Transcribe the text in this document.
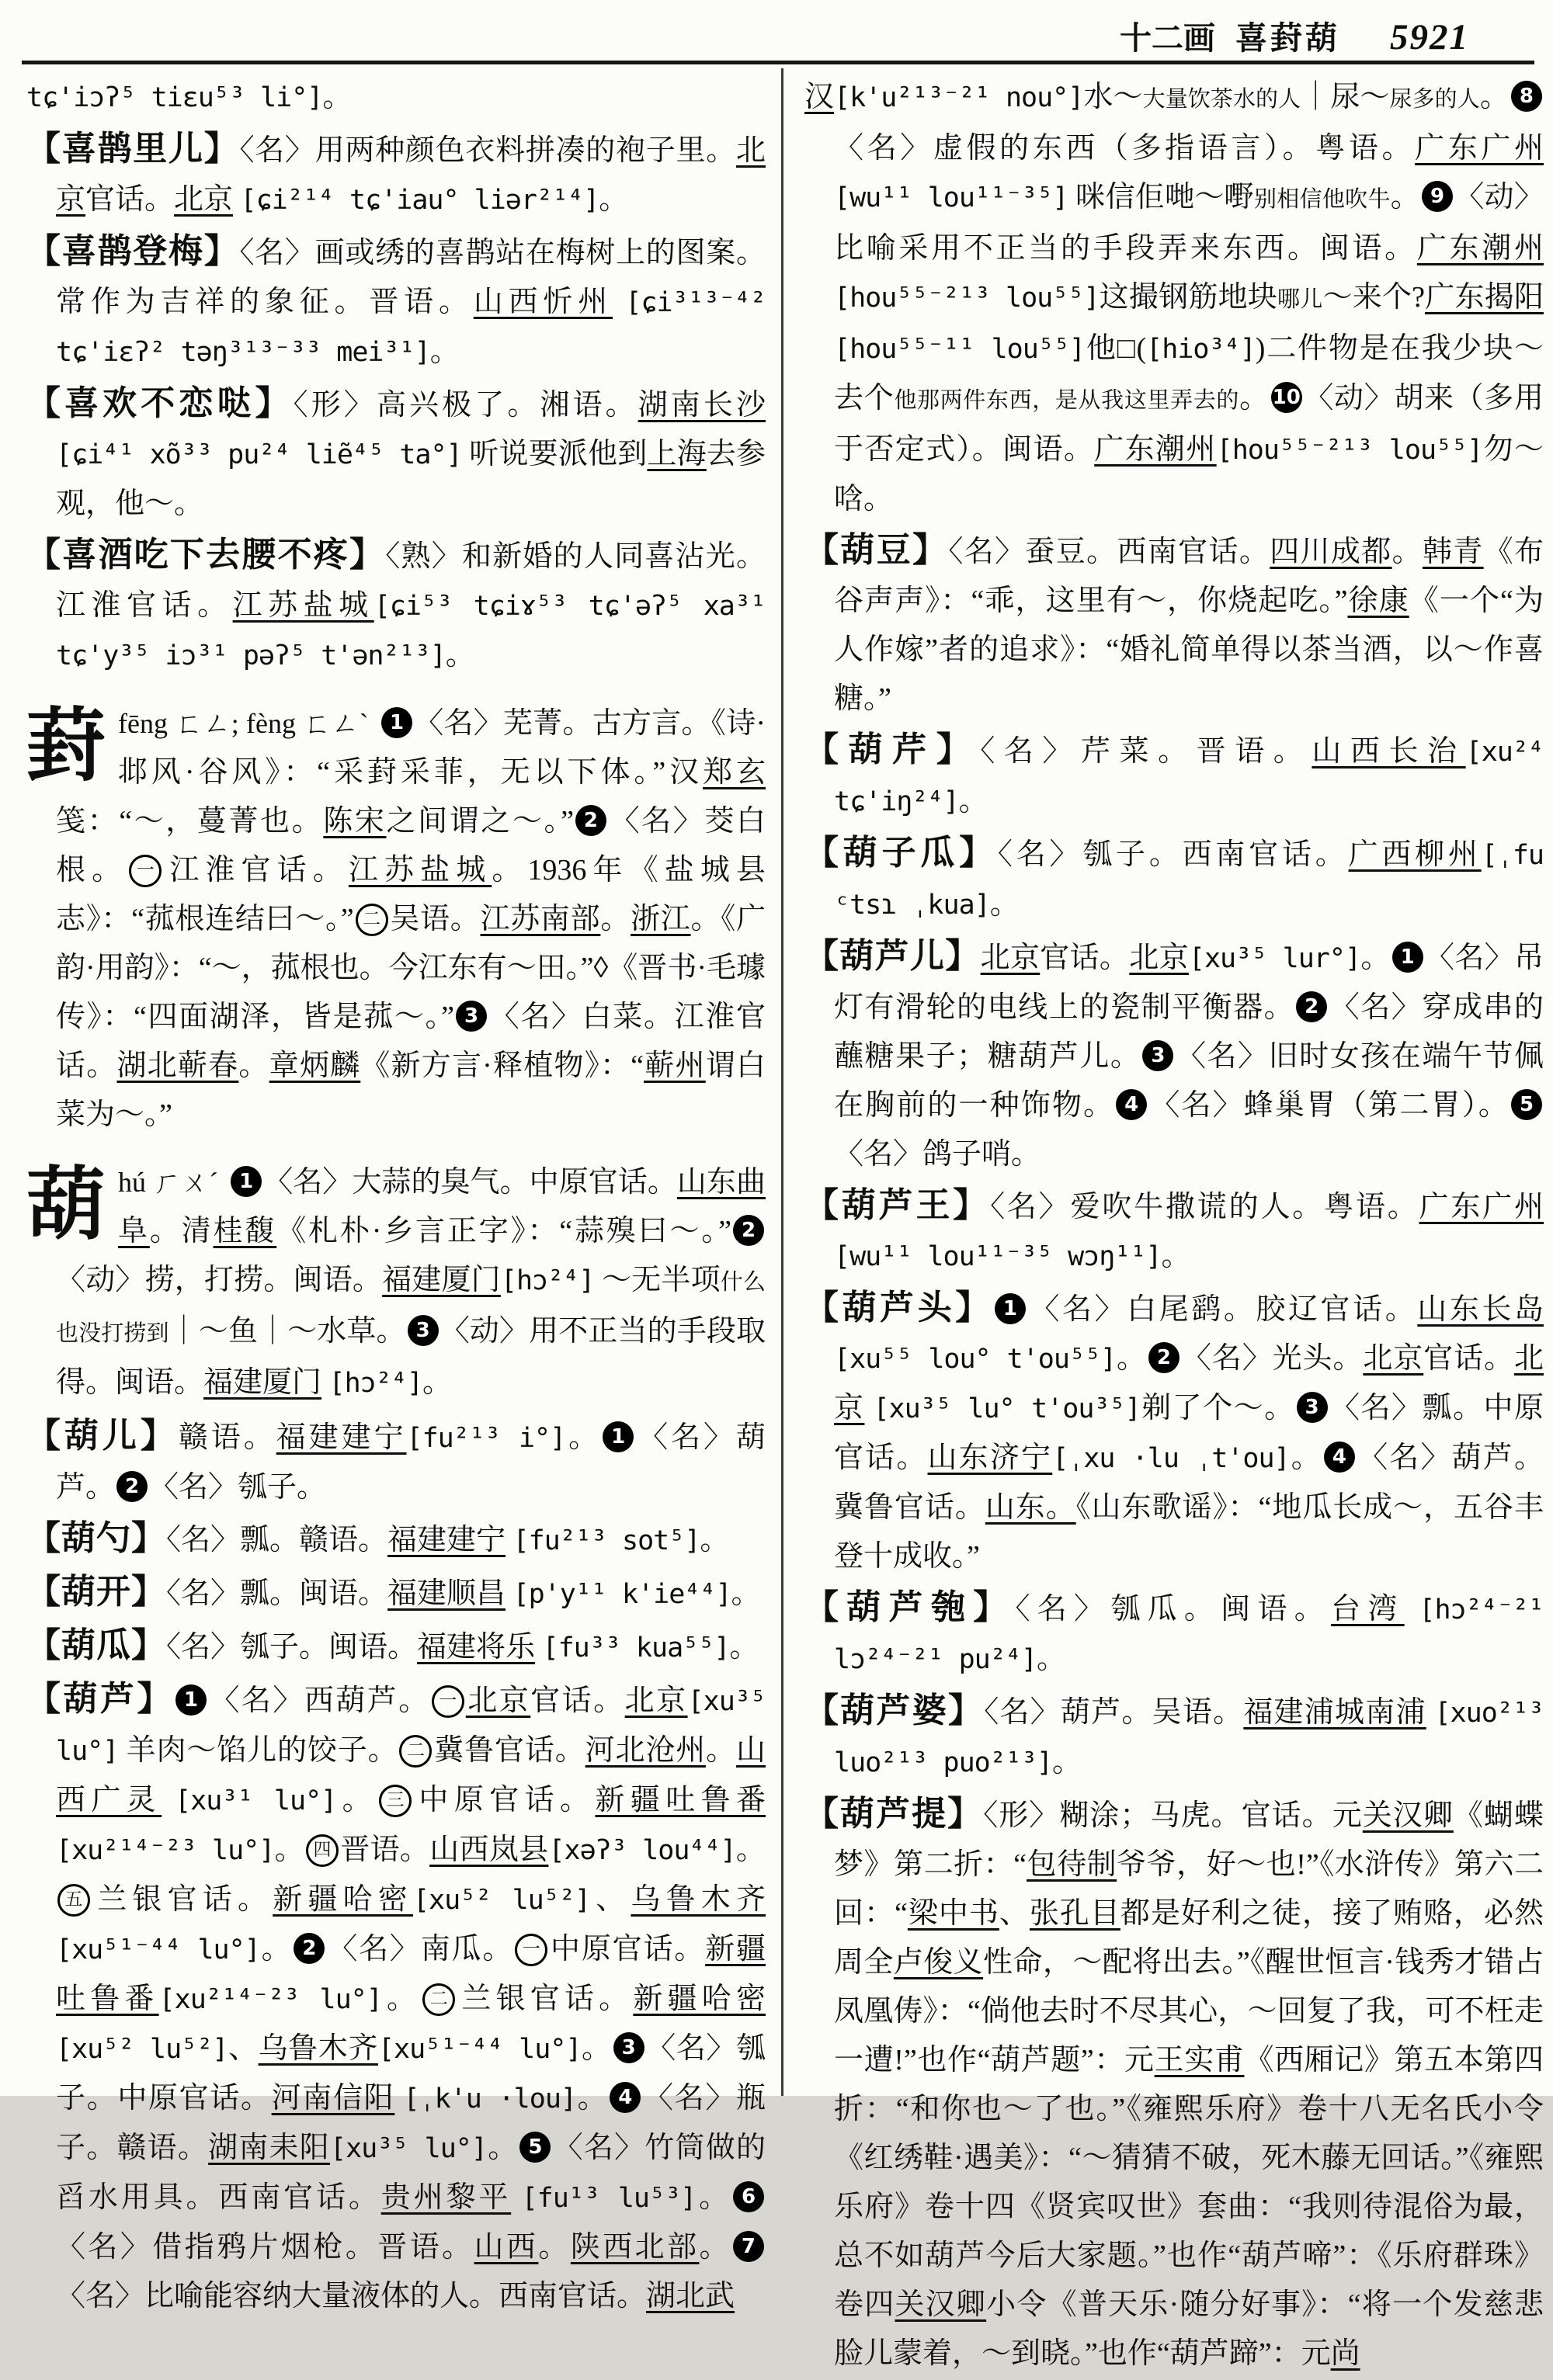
十二画 喜葑葫 5921
tɕ'iɔʔ⁵ tiɛu⁵³ li°]。
【喜鹊里儿】〈名〉用两种颜色衣料拼凑的袍子里。北京官话。北京 [ɕi²¹⁴ tɕ'iau° liər²¹⁴]。
【喜鹊登梅】〈名〉画或绣的喜鹊站在梅树上的图案。常作为吉祥的象征。晋语。山西忻州 [ɕi³¹³⁻⁴² tɕ'iɛʔ² təŋ³¹³⁻³³ mei³¹]。
【喜欢不恋哒】〈形〉高兴极了。湘语。湖南长沙[ɕi⁴¹ xõ³³ pu²⁴ liẽ⁴⁵ ta°] 听说要派他到上海去参观，他～。
【喜酒吃下去腰不疼】〈熟〉和新婚的人同喜沾光。江淮官话。江苏盐城[ɕi⁵³ tɕiɤ⁵³ tɕ'əʔ⁵ xa³¹ tɕ'y³⁵ iɔ³¹ pəʔ⁵ t'ən²¹³]。
葑fēng ㄈㄥ; fèng ㄈㄥˋ 1 〈名〉芜菁。古方言。《诗·邶风·谷风》：“采葑采菲，无以下体。”汉郑玄笺：“～，蔓菁也。陈宋之间谓之～。” 2 〈名〉茭白根。 一 江淮官话。江苏盐城。1936年《盐城县志》：“菰根连结曰～。” 二 吴语。江苏南部。浙江。《广韵·用韵》：“～，菰根也。今江东有～田。”◊《晋书·毛璩传》：“四面湖泽，皆是菰～。” 3 〈名〉白菜。江淮官话。湖北蕲春。章炳麟《新方言·释植物》：“蕲州谓白菜为～。”
葫hú ㄏㄨˊ 1 〈名〉大蒜的臭气。中原官话。山东曲阜。清桂馥《札朴·乡言正字》：“蒜殠曰～。” 2〈动〉捞，打捞。闽语。福建厦门[hɔ²⁴] ～无半项什么也没打捞到｜～鱼｜～水草。 3 〈动〉用不正当的手段取得。闽语。福建厦门 [hɔ²⁴]。
【葫儿】赣语。福建建宁[fu²¹³ i°]。 1 〈名〉葫芦。 2 〈名〉瓠子。
【葫勺】〈名〉瓢。赣语。福建建宁 [fu²¹³ sot⁵]。
【葫开】〈名〉瓢。闽语。福建顺昌 [p'y¹¹ k'ie⁴⁴]。
【葫瓜】〈名〉瓠子。闽语。福建将乐 [fu³³ kua⁵⁵]。
【葫芦】 1 〈名〉西葫芦。 一 北京官话。北京[xu³⁵ lu°] 羊肉～馅儿的饺子。 二 冀鲁官话。河北沧州。山西广灵 [xu³¹ lu°]。 三 中原官话。新疆吐鲁番[xu²¹⁴⁻²³ lu°]。 四 晋语。山西岚县[xəʔ³ lou⁴⁴]。五 兰银官话。新疆哈密[xu⁵² lu⁵²]、乌鲁木齐 [xu⁵¹⁻⁴⁴ lu°]。 2 〈名〉南瓜。 一 中原官话。新疆吐鲁番[xu²¹⁴⁻²³ lu°]。 二 兰银官话。新疆哈密[xu⁵² lu⁵²]、乌鲁木齐[xu⁵¹⁻⁴⁴ lu°]。 3 〈名〉瓠子。中原官话。河南信阳 [ˌk'u ·lou]。 4 〈名〉瓶子。赣语。湖南耒阳[xu³⁵ lu°]。 5 〈名〉竹筒做的舀水用具。西南官话。贵州黎平 [fu¹³ lu⁵³]。 6〈名〉借指鸦片烟枪。晋语。山西。陕西北部。 7〈名〉比喻能容纳大量液体的人。西南官话。湖北武
汉[k'u²¹³⁻²¹ nou°]水～大量饮茶水的人｜尿～尿多的人。 8〈名〉虚假的东西（多指语言）。粤语。广东广州[wu¹¹ lou¹¹⁻³⁵] 咪信佢哋～嘢别相信他吹牛。 9 〈动〉比喻采用不正当的手段弄来东西。闽语。广东潮州[hou⁵⁵⁻²¹³ lou⁵⁵]这撮钢筋地块哪儿～来个?广东揭阳[hou⁵⁵⁻¹¹ lou⁵⁵]他□([hio³⁴])二件物是在我少块～去个他那两件东西，是从我这里弄去的。 10 〈动〉胡来（多用于否定式）。闽语。广东潮州[hou⁵⁵⁻²¹³ lou⁵⁵]勿～唅。
【葫豆】〈名〉蚕豆。西南官话。四川成都。韩青《布谷声声》：“乖，这里有～，你烧起吃。”徐康《一个“为人作嫁”者的追求》：“婚礼简单得以茶当酒，以～作喜糖。”
【葫芹】〈名〉芹菜。晋语。山西长治[xu²⁴ tɕ'iŋ²⁴]。
【葫子瓜】〈名〉瓠子。西南官话。广西柳州[ˌfu ᶜtsɿ ˌkua]。
【葫芦儿】北京官话。北京[xu³⁵ lur°]。 1 〈名〉吊灯有滑轮的电线上的瓷制平衡器。 2 〈名〉穿成串的蘸糖果子；糖葫芦儿。 3 〈名〉旧时女孩在端午节佩在胸前的一种饰物。 4 〈名〉蜂巢胃（第二胃）。 5〈名〉鸽子哨。
【葫芦王】〈名〉爱吹牛撒谎的人。粤语。广东广州[wu¹¹ lou¹¹⁻³⁵ wɔŋ¹¹]。
【葫芦头】 1 〈名〉白尾鹞。胶辽官话。山东长岛 [xu⁵⁵ lou° t'ou⁵⁵]。 2 〈名〉光头。北京官话。北京 [xu³⁵ lu° t'ou³⁵]剃了个～。 3 〈名〉瓢。中原官话。山东济宁[ˌxu ·lu ˌt'ou]。 4 〈名〉葫芦。冀鲁官话。山东。《山东歌谣》：“地瓜长成～，五谷丰登十成收。”
【葫芦匏】〈名〉瓠瓜。闽语。台湾 [hɔ²⁴⁻²¹ lɔ²⁴⁻²¹ pu²⁴]。
【葫芦婆】〈名〉葫芦。吴语。福建浦城南浦 [xuo²¹³ luo²¹³ puo²¹³]。
【葫芦提】〈形〉糊涂；马虎。官话。元关汉卿《蝴蝶梦》第二折：“包待制爷爷，好～也!”《水浒传》第六二回：“梁中书、张孔目都是好利之徒，接了贿赂，必然周全卢俊义性命，～配将出去。”《醒世恒言·钱秀才错占凤凰俦》：“倘他去时不尽其心，～回复了我，可不枉走一遭!”也作“葫芦题”：元王实甫《西厢记》第五本第四折：“和你也～了也。”《雍熙乐府》卷十八无名氏小令《红绣鞋·遇美》：“～猜猜不破，死木藤无回话。”《雍熙乐府》卷十四《贤宾叹世》套曲：“我则待混俗为最，总不如葫芦今后大家题。”也作“葫芦啼”：《乐府群珠》卷四关汉卿小令《普天乐·随分好事》：“将一个发慈悲脸儿蒙着，～到晓。”也作“葫芦蹄”：元尚
